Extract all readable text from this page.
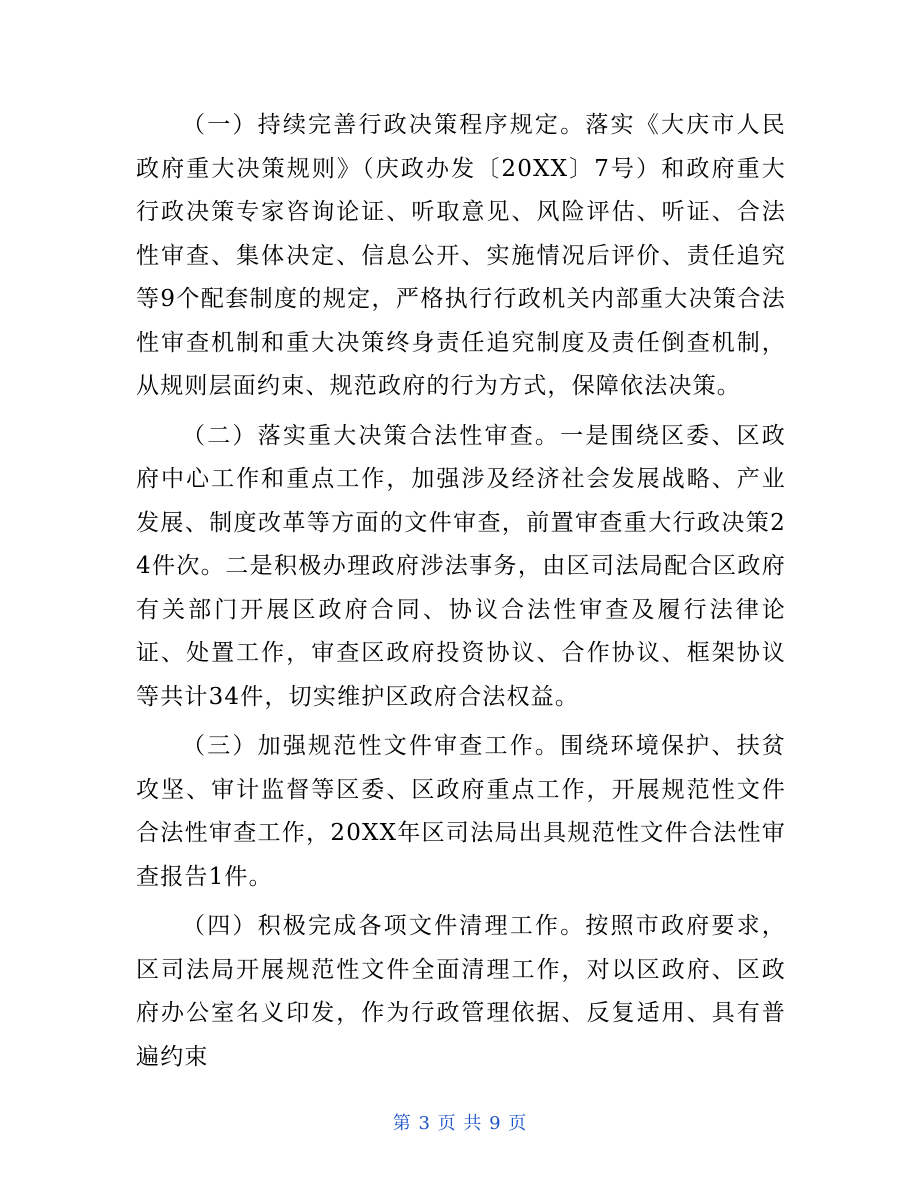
（一）持续完善行政决策程序规定。落实《大庆市人民政府重大决策规则》（庆政办发〔20XX〕7号）和政府重大行政决策专家咨询论证、听取意见、风险评估、听证、合法性审查、集体决定、信息公开、实施情况后评价、责任追究等9个配套制度的规定，严格执行行政机关内部重大决策合法性审查机制和重大决策终身责任追究制度及责任倒查机制，从规则层面约束、规范政府的行为方式，保障依法决策。

（二）落实重大决策合法性审查。一是围绕区委、区政府中心工作和重点工作，加强涉及经济社会发展战略、产业发展、制度改革等方面的文件审查，前置审查重大行政决策24件次。二是积极办理政府涉法事务，由区司法局配合区政府有关部门开展区政府合同、协议合法性审查及履行法律论证、处置工作，审查区政府投资协议、合作协议、框架协议等共计34件，切实维护区政府合法权益。

（三）加强规范性文件审查工作。围绕环境保护、扶贫攻坚、审计监督等区委、区政府重点工作，开展规范性文件合法性审查工作，20XX年区司法局出具规范性文件合法性审查报告1件。

（四）积极完成各项文件清理工作。按照市政府要求，区司法局开展规范性文件全面清理工作，对以区政府、区政府办公室名义印发，作为行政管理依据、反复适用、具有普遍约束

第 3 页 共 9 页
